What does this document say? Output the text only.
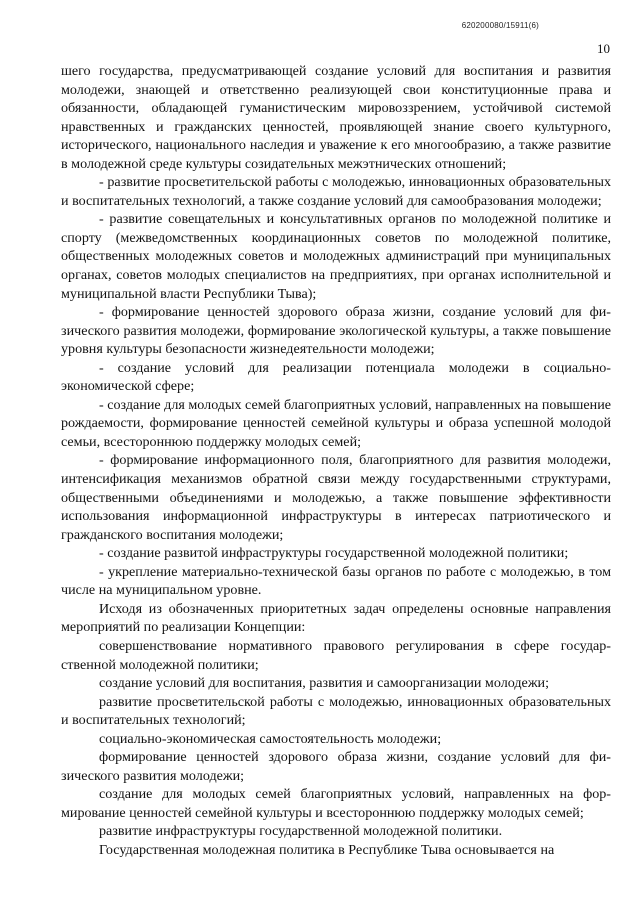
620200080/15911(6)
10

шего государства, предусматривающей создание условий для воспитания и развития молодежи, знающей и ответственно реализующей свои конституционные права и обязанности, обладающей гуманистическим мировоззрением, устойчивой системой нравственных и гражданских ценностей, проявляющей знание своего культурного, исторического, национального наследия и уважение к его многообразию, а также развитие в молодежной среде культуры созидательных межэтнических отношений;

- развитие просветительской работы с молодежью, инновационных образовательных и воспитательных технологий, а также создание условий для самообразования молодежи;

- развитие совещательных и консультативных органов по молодежной политике и спорту (межведомственных координационных советов по молодежной политике, общественных молодежных советов и молодежных администраций при муниципальных органах, советов молодых специалистов на предприятиях, при органах исполнительной и муниципальной власти Республики Тыва);

- формирование ценностей здорового образа жизни, создание условий для физического развития молодежи, формирование экологической культуры, а также повышение уровня культуры безопасности жизнедеятельности молодежи;

- создание условий для реализации потенциала молодежи в социально-экономической сфере;

- создание для молодых семей благоприятных условий, направленных на повышение рождаемости, формирование ценностей семейной культуры и образа успешной молодой семьи, всестороннюю поддержку молодых семей;

- формирование информационного поля, благоприятного для развития молодежи, интенсификация механизмов обратной связи между государственными структурами, общественными объединениями и молодежью, а также повышение эффективности использования информационной инфраструктуры в интересах патриотического и гражданского воспитания молодежи;

- создание развитой инфраструктуры государственной молодежной политики;

- укрепление материально-технической базы органов по работе с молодежью, в том числе на муниципальном уровне.

Исходя из обозначенных приоритетных задач определены основные направления мероприятий по реализации Концепции:

совершенствование нормативного правового регулирования в сфере государственной молодежной политики;

создание условий для воспитания, развития и самоорганизации молодежи;

развитие просветительской работы с молодежью, инновационных образовательных и воспитательных технологий;

социально-экономическая самостоятельность молодежи;

формирование ценностей здорового образа жизни, создание условий для физического развития молодежи;

создание для молодых семей благоприятных условий, направленных на формирование ценностей семейной культуры и всестороннюю поддержку молодых семей;

развитие инфраструктуры государственной молодежной политики.

Государственная молодежная политика в Республике Тыва основывается на
